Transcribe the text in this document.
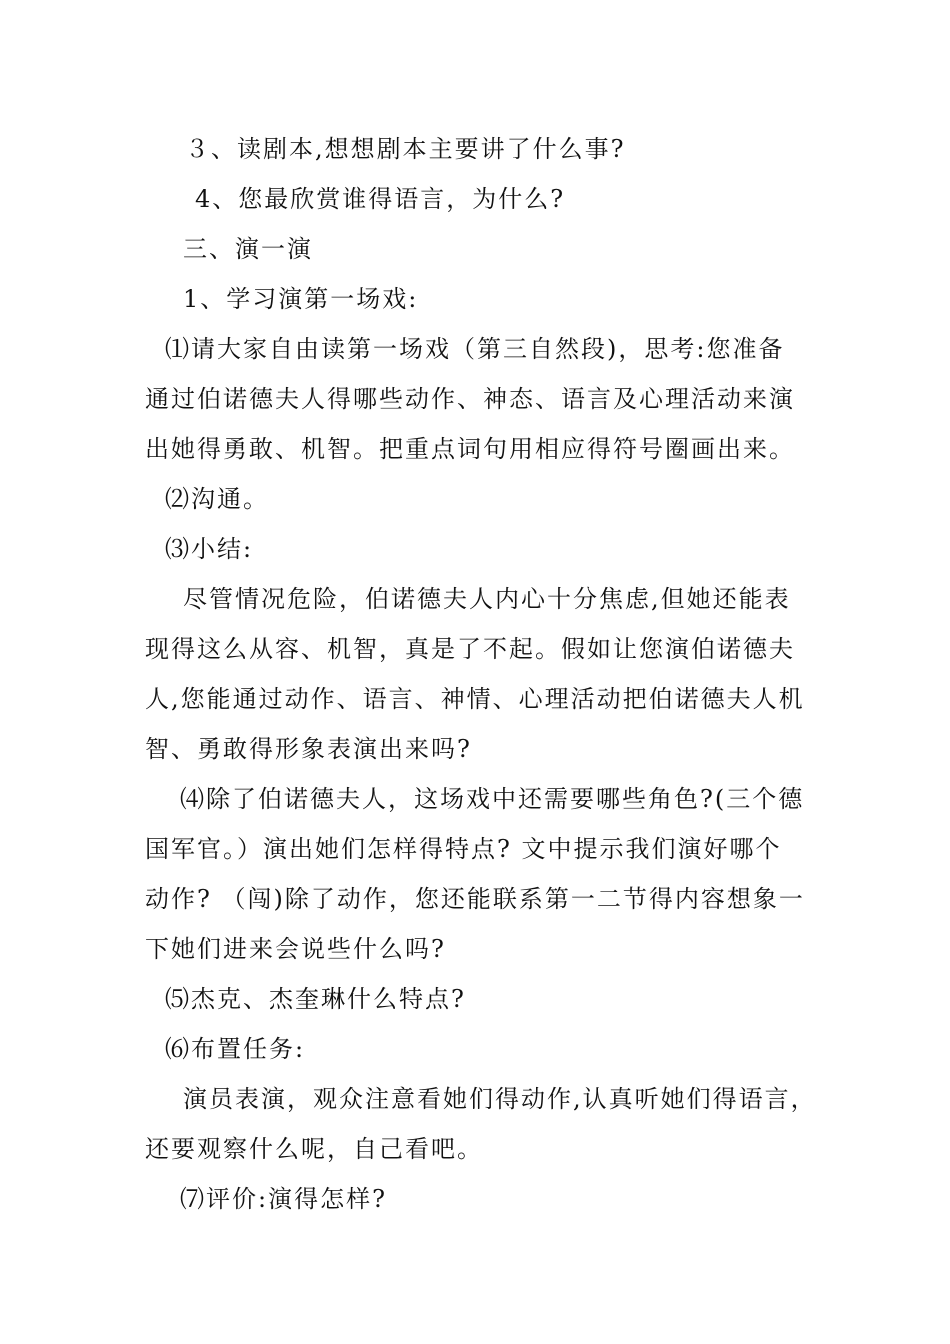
３、读剧本,想想剧本主要讲了什么事?
4、您最欣赏谁得语言，为什么?
三、演一演
1、学习演第一场戏:
⑴请大家自由读第一场戏（第三自然段)，思考:您准备
通过伯诺德夫人得哪些动作、神态、语言及心理活动来演
出她得勇敢、机智。把重点词句用相应得符号圈画出来。
⑵沟通。
⑶小结:
尽管情况危险，伯诺德夫人内心十分焦虑,但她还能表
现得这么从容、机智，真是了不起。假如让您演伯诺德夫
人,您能通过动作、语言、神情、心理活动把伯诺德夫人机
智、勇敢得形象表演出来吗?
⑷除了伯诺德夫人，这场戏中还需要哪些角色?(三个德
国军官。）演出她们怎样得特点? 文中提示我们演好哪个
动作? （闯)除了动作，您还能联系第一二节得内容想象一
下她们进来会说些什么吗?
⑸杰克、杰奎琳什么特点?
⑹布置任务:
演员表演，观众注意看她们得动作,认真听她们得语言，
还要观察什么呢，自己看吧。
⑺评价:演得怎样?
